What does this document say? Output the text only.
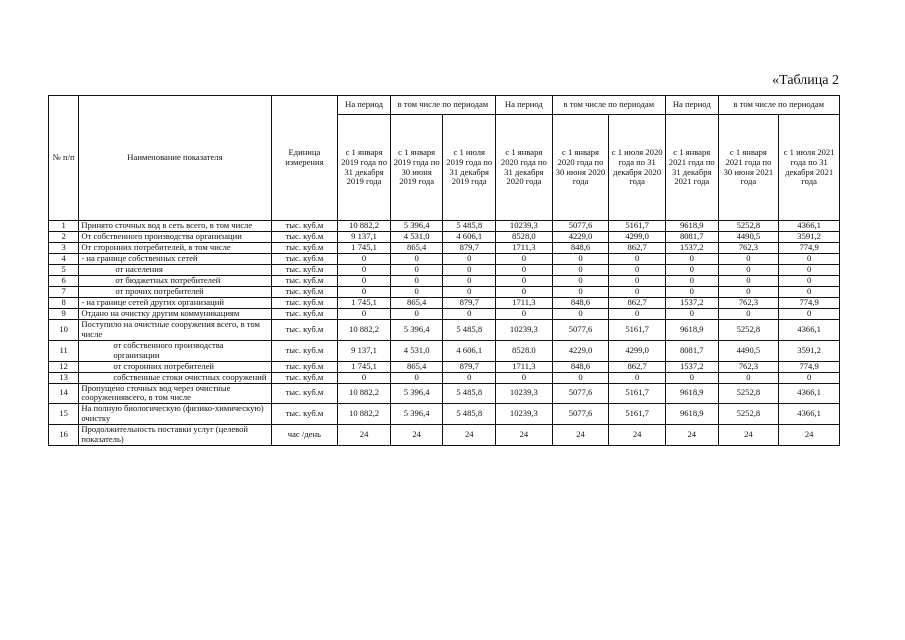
«Таблица 2
№ п/п	Наименование показателя	Единица измерения	На период	в том числе по периодам		На период	в том числе по периодам		На период	в том числе по периодам	
			с 1 января 2019 года по 31 декабря 2019 года	с 1 января 2019 года по 30 июня 2019 года	с 1 июля 2019 года по 31 декабря 2019 года	с 1 января 2020 года по 31 декабря 2020 года	с 1 января 2020 года по 30 июня 2020 года	с 1 июля 2020 года по 31 декабря 2020 года	с 1 января 2021 года по 31 декабря 2021 года	с 1 января 2021 года по 30 июня 2021 года	с 1 июля 2021 года по 31 декабря 2021 года
1	Принято сточных вод в сеть всего, в том числе	тыс. куб.м	10 882,2	5 396,4	5 485,8	10239,3	5077,6	5161,7	9618,9	5252,8	4366,1
2	От собственного производства организации	тыс. куб.м	9 137,1	4 531,0	4 606,1	8528,0	4229,0	4299,0	8081,7	4490,5	3591,2
3	От сторонних потребителей, в том числе	тыс. куб.м	1 745,1	865,4	879,7	1711,3	848,6	862,7	1537,2	762,3	774,9
4	- на границе собственных сетей	тыс. куб.м	0	0	0	0	0	0	0	0	0
5	от населения	тыс. куб.м	0	0	0	0	0	0	0	0	0
6	от бюджетных потребителей	тыс. куб.м	0	0	0	0	0	0	0	0	0
7	от прочих потребителей	тыс. куб.м	0	0	0	0	0	0	0	0	0
8	- на границе сетей других организаций	тыс. куб.м	1 745,1	865,4	879,7	1711,3	848,6	862,7	1537,2	762,3	774,9
9	Отдано на очистку другим коммуникациям	тыс. куб.м	0	0	0	0	0	0	0	0	0
10	Поступило на очистные сооружения всего, в том числе	тыс. куб.м	10 882,2	5 396,4	5 485,8	10239,3	5077,6	5161,7	9618,9	5252,8	4366,1
11	от собственного производства организации	тыс. куб.м	9 137,1	4 531,0	4 606,1	8528.0	4229,0	4299,0	8081,7	4490,5	3591,2
12	от сторонних потребителей	тыс. куб.м	1 745,1	865,4	879,7	1711,3	848,6	862,7	1537,2	762,3	774,9
13	собственные стоки очистных сооружений	тыс. куб.м	0	0	0	0	0	0	0	0	0
14	Пропущено сточных вод через очистные сооружениявсего, в том числе	тыс. куб.м	10 882,2	5 396,4	5 485,8	10239,3	5077,6	5161,7	9618,9	5252,8	4366,1
15	На полную биологическую (физико-химическую) очистку	тыс. куб.м	10 882,2	5 396,4	5 485,8	10239,3	5077,6	5161,7	9618,9	5252,8	4366,1
16	Продолжительность поставки услуг (целевой показатель)	час /день	24	24	24	24	24	24	24	24	24
